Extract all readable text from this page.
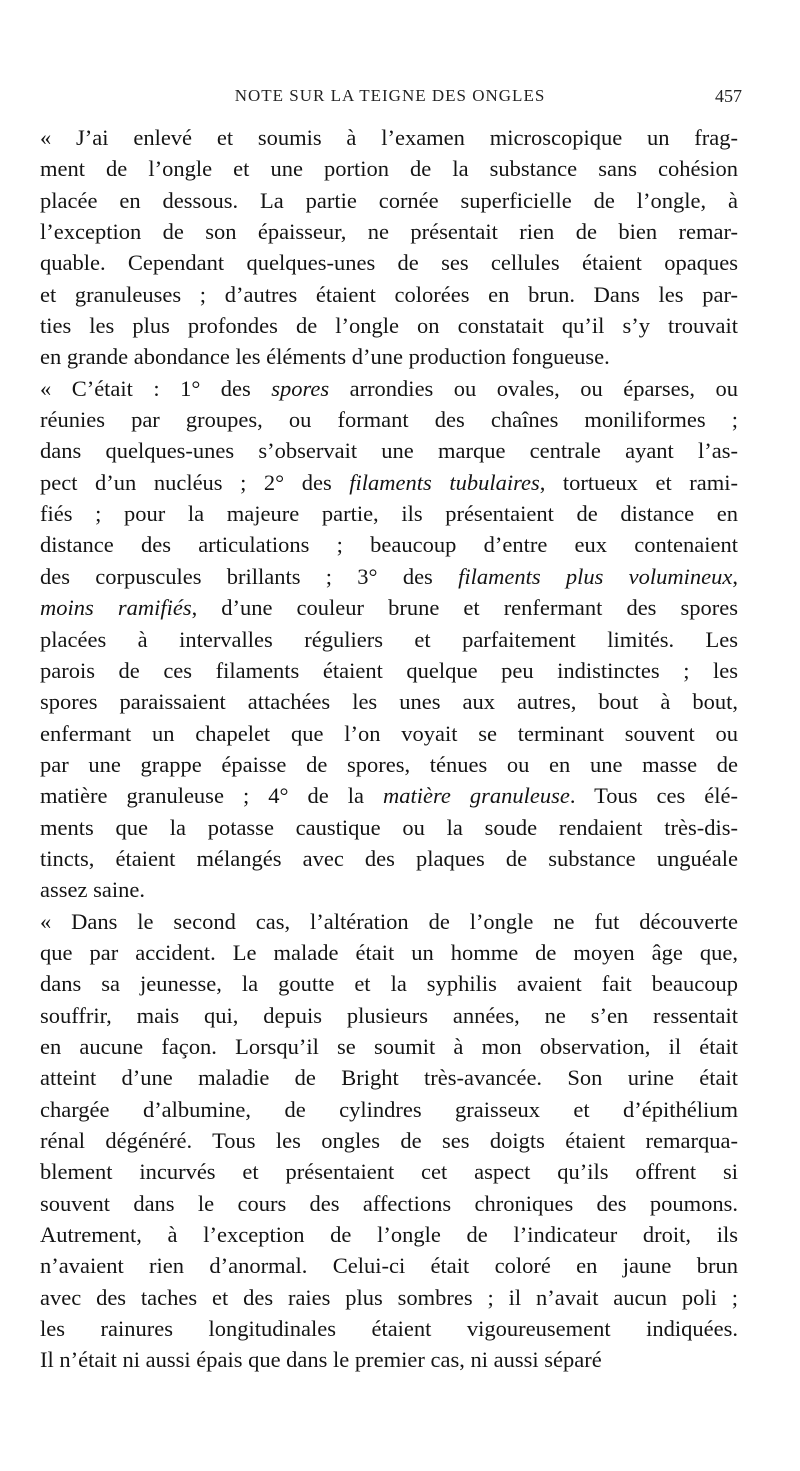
NOTE SUR LA TEIGNE DES ONGLES	457
« J’ai enlevé et soumis à l’examen microscopique un frag-
ment de l’ongle et une portion de la substance sans cohésion
placée en dessous. La partie cornée superficielle de l’ongle, à
l’exception de son épaisseur, ne présentait rien de bien remar-
quable. Cependant quelques-unes de ses cellules étaient opaques
et granuleuses ; d’autres étaient colorées en brun. Dans les par-
ties les plus profondes de l’ongle on constatait qu’il s’y trouvait
en grande abondance les éléments d’une production fongueuse.
« C’était : 1° des spores arrondies ou ovales, ou éparses, ou
réunies par groupes, ou formant des chaînes moniliformes ;
dans quelques-unes s’observait une marque centrale ayant l’as-
pect d’un nucléus ; 2° des filaments tubulaires, tortueux et rami-
fiés ; pour la majeure partie, ils présentaient de distance en
distance des articulations ; beaucoup d’entre eux contenaient
des corpuscules brillants ; 3° des filaments plus volumineux,
moins ramifiés, d’une couleur brune et renfermant des spores
placées à intervalles réguliers et parfaitement limités. Les
parois de ces filaments étaient quelque peu indistinctes ; les
spores paraissaient attachées les unes aux autres, bout à bout,
enfermant un chapelet que l’on voyait se terminant souvent ou
par une grappe épaisse de spores, ténues ou en une masse de
matière granuleuse ; 4° de la matière granuleuse. Tous ces élé-
ments que la potasse caustique ou la soude rendaient très-dis-
tincts, étaient mélangés avec des plaques de substance unguéale
assez saine.
« Dans le second cas, l’altération de l’ongle ne fut découverte
que par accident. Le malade était un homme de moyen âge que,
dans sa jeunesse, la goutte et la syphilis avaient fait beaucoup
souffrir, mais qui, depuis plusieurs années, ne s’en ressentait
en aucune façon. Lorsqu’il se soumit à mon observation, il était
atteint d’une maladie de Bright très-avancée. Son urine était
chargée d’albumine, de cylindres graisseux et d’épithélium
rénal dégénéré. Tous les ongles de ses doigts étaient remarqua-
blement incurvés et présentaient cet aspect qu’ils offrent si
souvent dans le cours des affections chroniques des poumons.
Autrement, à l’exception de l’ongle de l’indicateur droit, ils
n’avaient rien d’anormal. Celui-ci était coloré en jaune brun
avec des taches et des raies plus sombres ; il n’avait aucun poli ;
les rainures longitudinales étaient vigoureusement indiquées.
Il n’était ni aussi épais que dans le premier cas, ni aussi séparé
